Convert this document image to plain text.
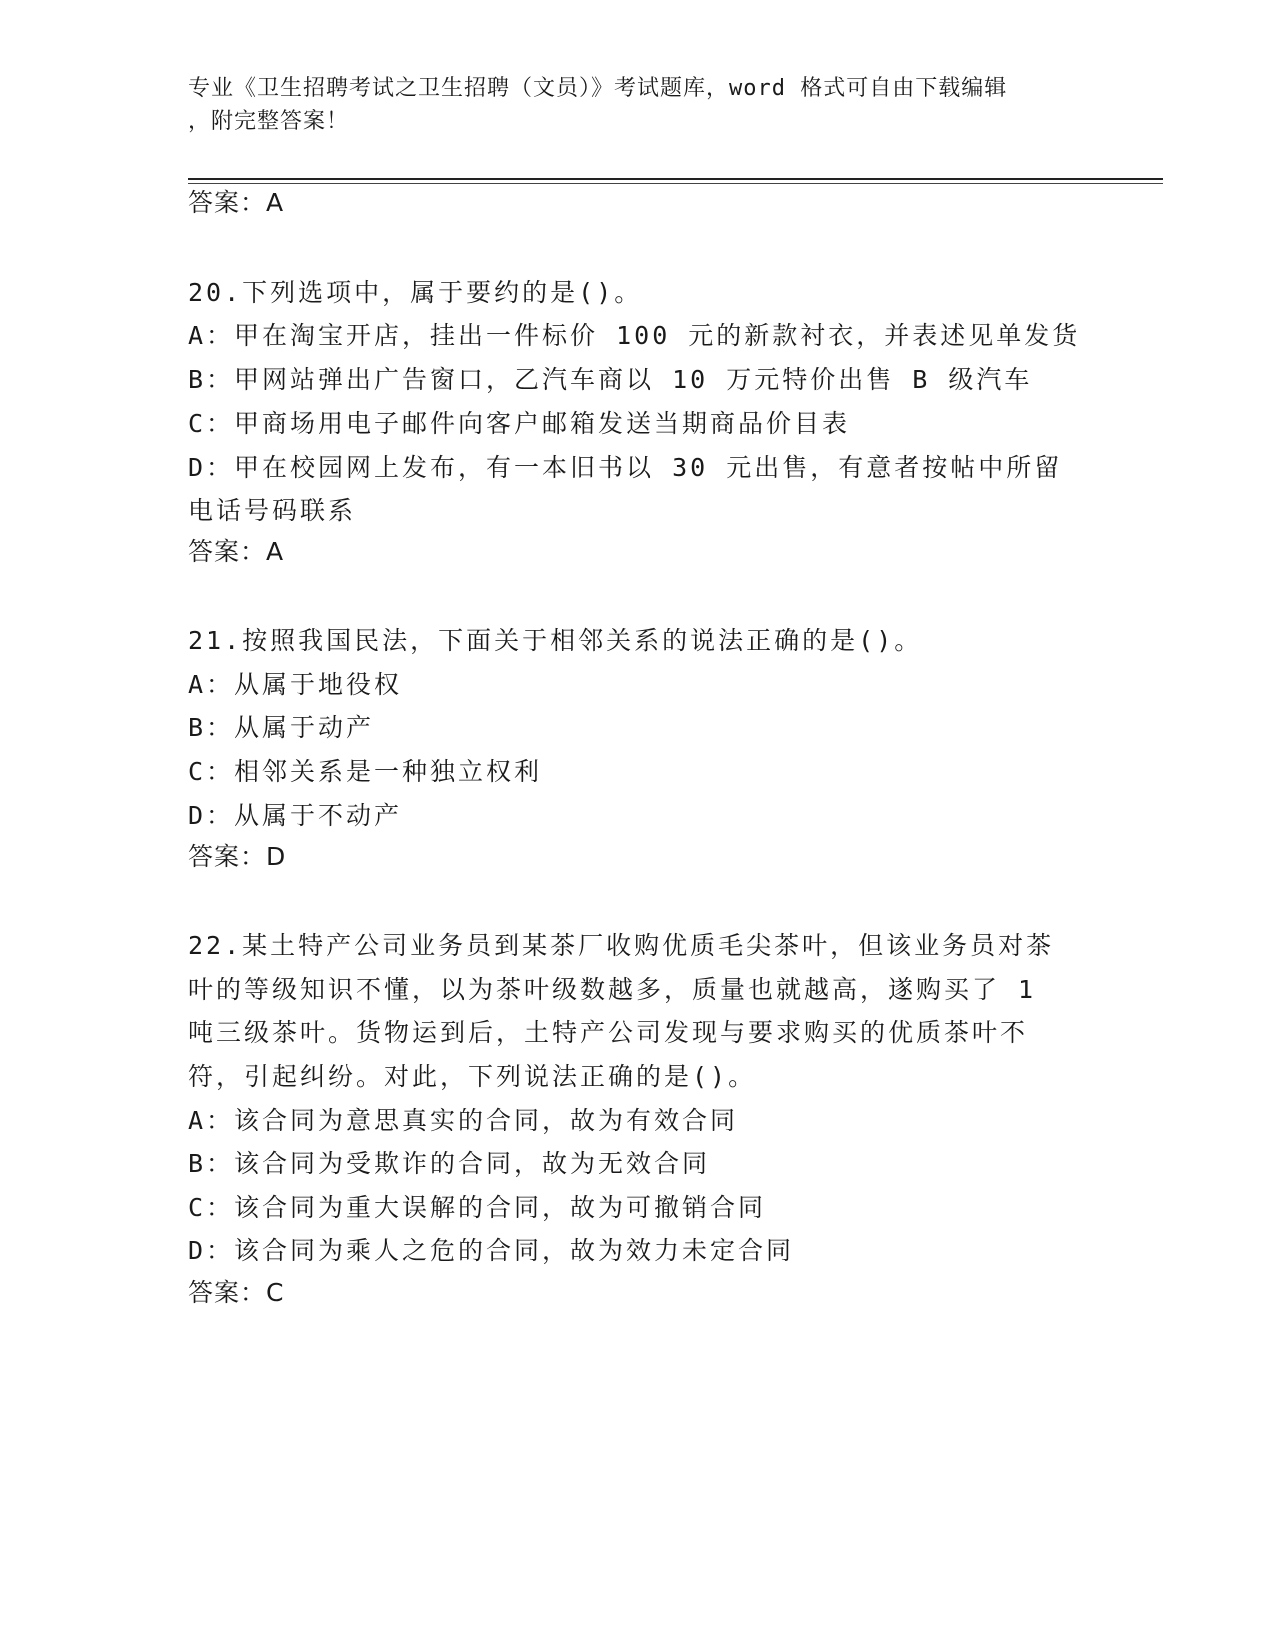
专业《卫生招聘考试之卫生招聘（文员）》考试题库，word 格式可自由下载编辑
，附完整答案！
答案：A
20.下列选项中，属于要约的是()。
A：甲在淘宝开店，挂出一件标价 100 元的新款衬衣，并表述见单发货
B：甲网站弹出广告窗口，乙汽车商以 10 万元特价出售 B 级汽车
C：甲商场用电子邮件向客户邮箱发送当期商品价目表
D：甲在校园网上发布，有一本旧书以 30 元出售，有意者按帖中所留
电话号码联系
答案：A
21.按照我国民法，下面关于相邻关系的说法正确的是()。
A：从属于地役权
B：从属于动产
C：相邻关系是一种独立权利
D：从属于不动产
答案：D
22.某土特产公司业务员到某茶厂收购优质毛尖茶叶，但该业务员对茶
叶的等级知识不懂，以为茶叶级数越多，质量也就越高，遂购买了 1
吨三级茶叶。货物运到后，土特产公司发现与要求购买的优质茶叶不
符，引起纠纷。对此，下列说法正确的是()。
A：该合同为意思真实的合同，故为有效合同
B：该合同为受欺诈的合同，故为无效合同
C：该合同为重大误解的合同，故为可撤销合同
D：该合同为乘人之危的合同，故为效力未定合同
答案：C
